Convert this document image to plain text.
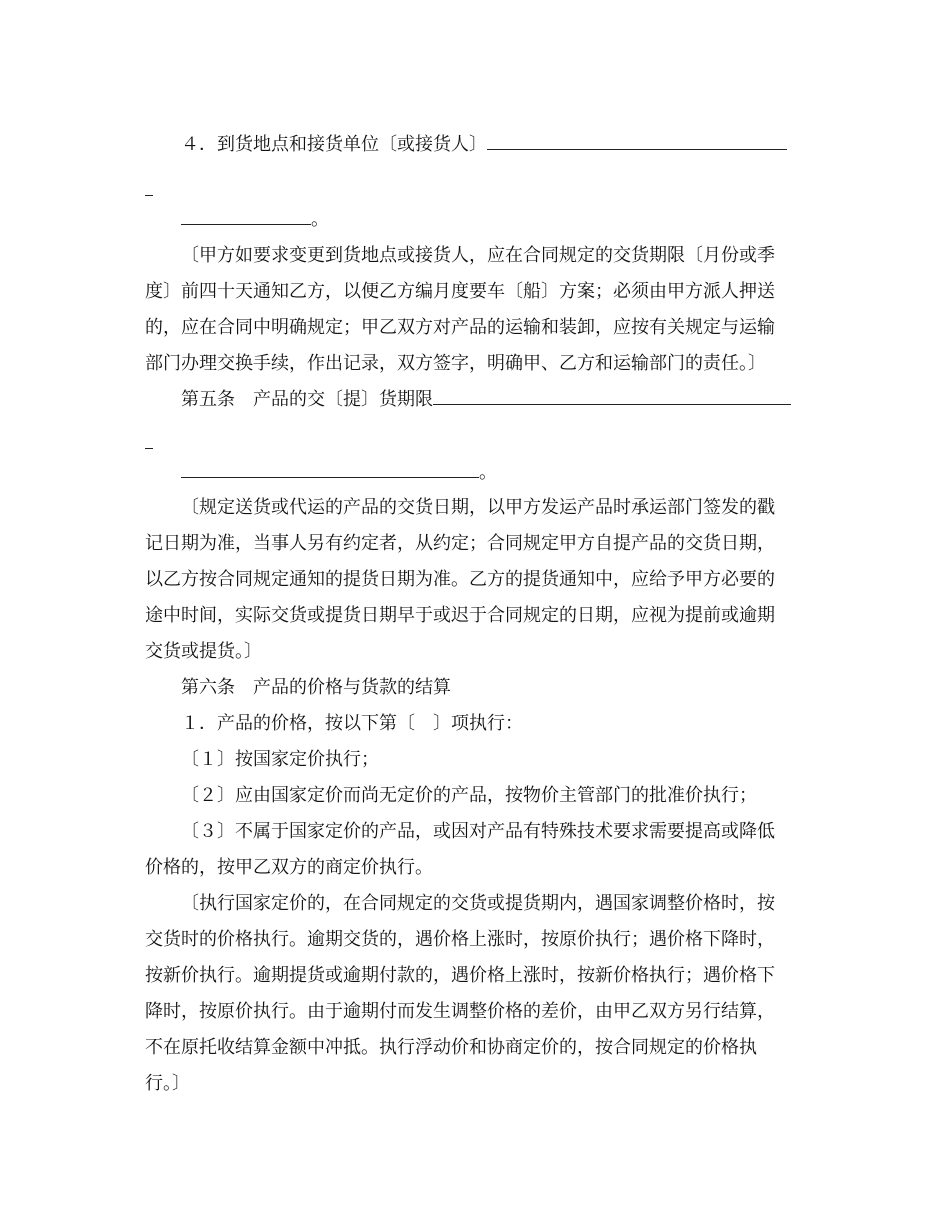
４．到货地点和接货单位〔或接货人〕
。
〔甲方如要求变更到货地点或接货人，应在合同规定的交货期限〔月份或季
度〕前四十天通知乙方，以便乙方编月度要车〔船〕方案；必须由甲方派人押送
的，应在合同中明确规定；甲乙双方对产品的运输和装卸，应按有关规定与运输
部门办理交换手续，作出记录，双方签字，明确甲、乙方和运输部门的责任。〕
第五条　产品的交〔提〕货期限
。
〔规定送货或代运的产品的交货日期，以甲方发运产品时承运部门签发的戳
记日期为准，当事人另有约定者，从约定；合同规定甲方自提产品的交货日期，
以乙方按合同规定通知的提货日期为准。乙方的提货通知中，应给予甲方必要的
途中时间，实际交货或提货日期早于或迟于合同规定的日期，应视为提前或逾期
交货或提货。〕
第六条　产品的价格与货款的结算
１．产品的价格，按以下第〔　〕项执行：
〔１〕按国家定价执行；
〔２〕应由国家定价而尚无定价的产品，按物价主管部门的批准价执行；
〔３〕不属于国家定价的产品，或因对产品有特殊技术要求需要提高或降低
价格的，按甲乙双方的商定价执行。
〔执行国家定价的，在合同规定的交货或提货期内，遇国家调整价格时，按
交货时的价格执行。逾期交货的，遇价格上涨时，按原价执行；遇价格下降时，
按新价执行。逾期提货或逾期付款的，遇价格上涨时，按新价格执行；遇价格下
降时，按原价执行。由于逾期付而发生调整价格的差价，由甲乙双方另行结算，
不在原托收结算金额中冲抵。执行浮动价和协商定价的，按合同规定的价格执
行。〕
